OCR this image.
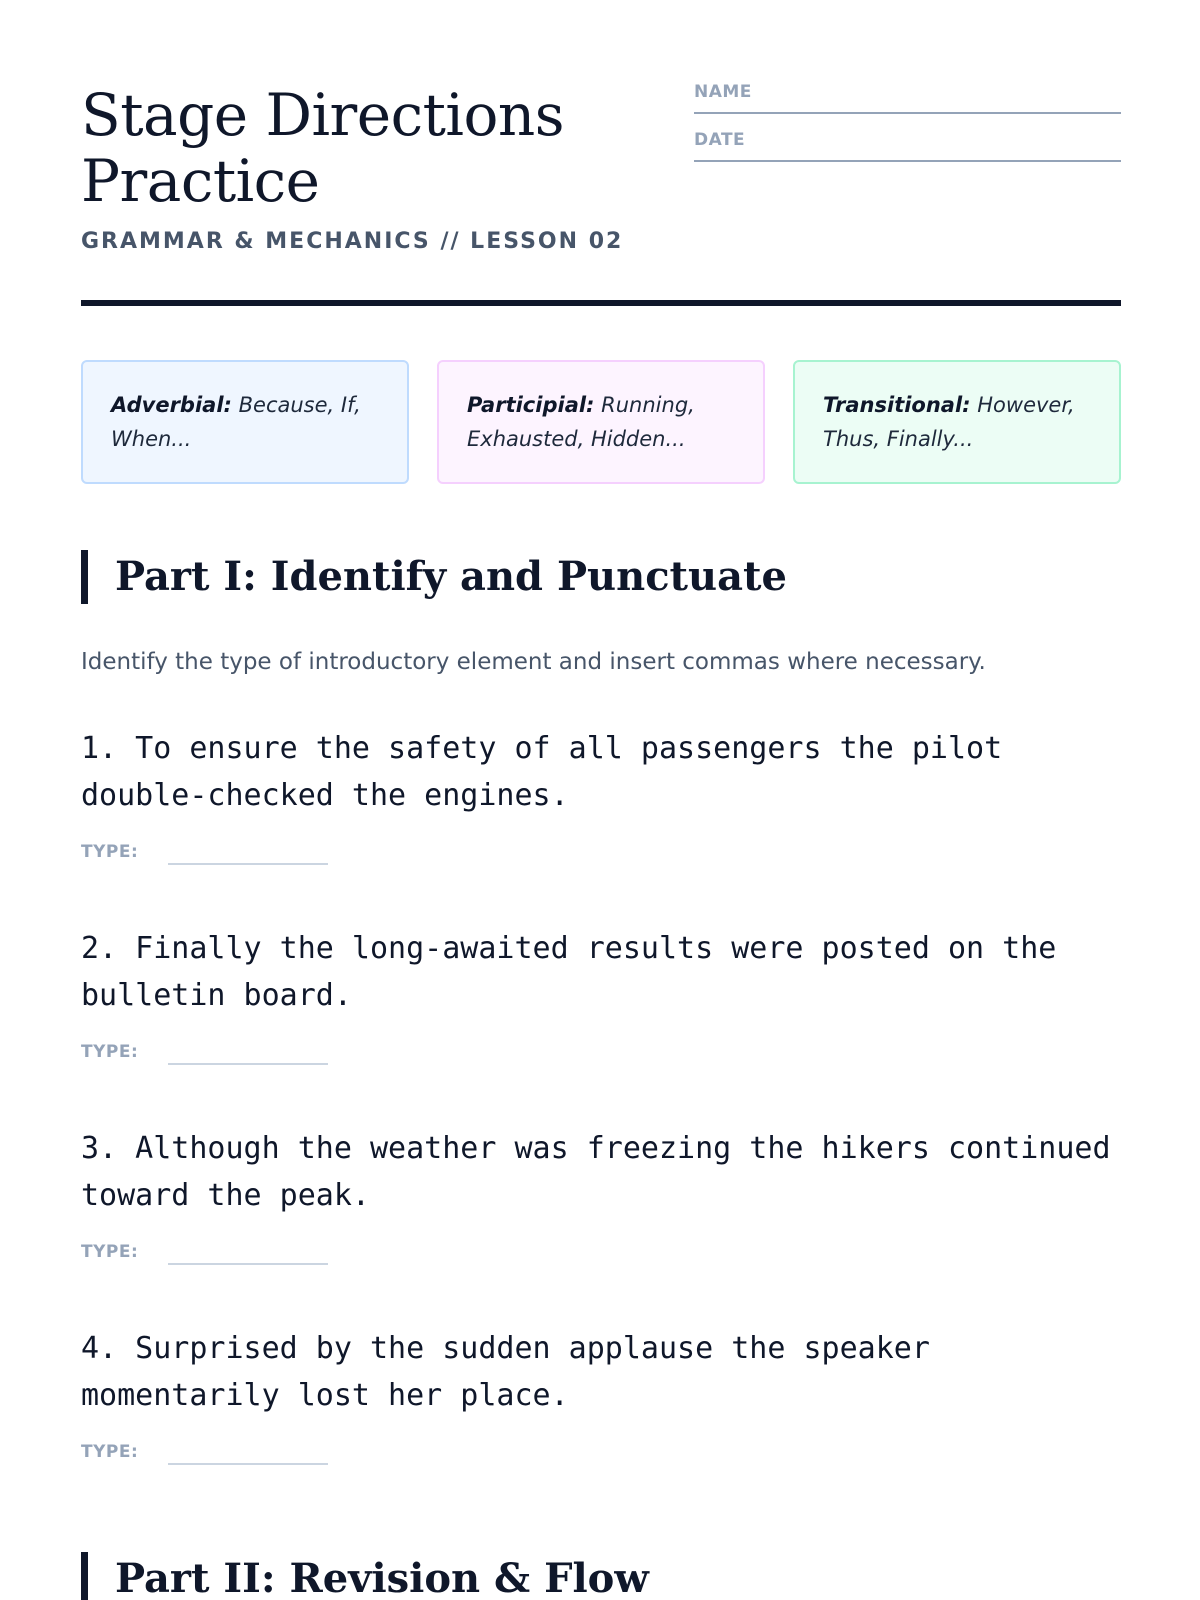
Stage Directions
Practice
GRAMMAR & MECHANICS // LESSON 02
NAME
DATE
Adverbial: Because, If, When...
Participial: Running, Exhausted, Hidden...
Transitional: However, Thus, Finally...
Part I: Identify and Punctuate

Identify the type of introductory element and insert commas where necessary.

1. To ensure the safety of all passengers the pilot double-checked the engines.
TYPE:
2. Finally the long-awaited results were posted on the bulletin board.
TYPE:
3. Although the weather was freezing the hikers continued toward the peak.
TYPE:
4. Surprised by the sudden applause the speaker momentarily lost her place.
TYPE:
Part II: Revision & Flow
